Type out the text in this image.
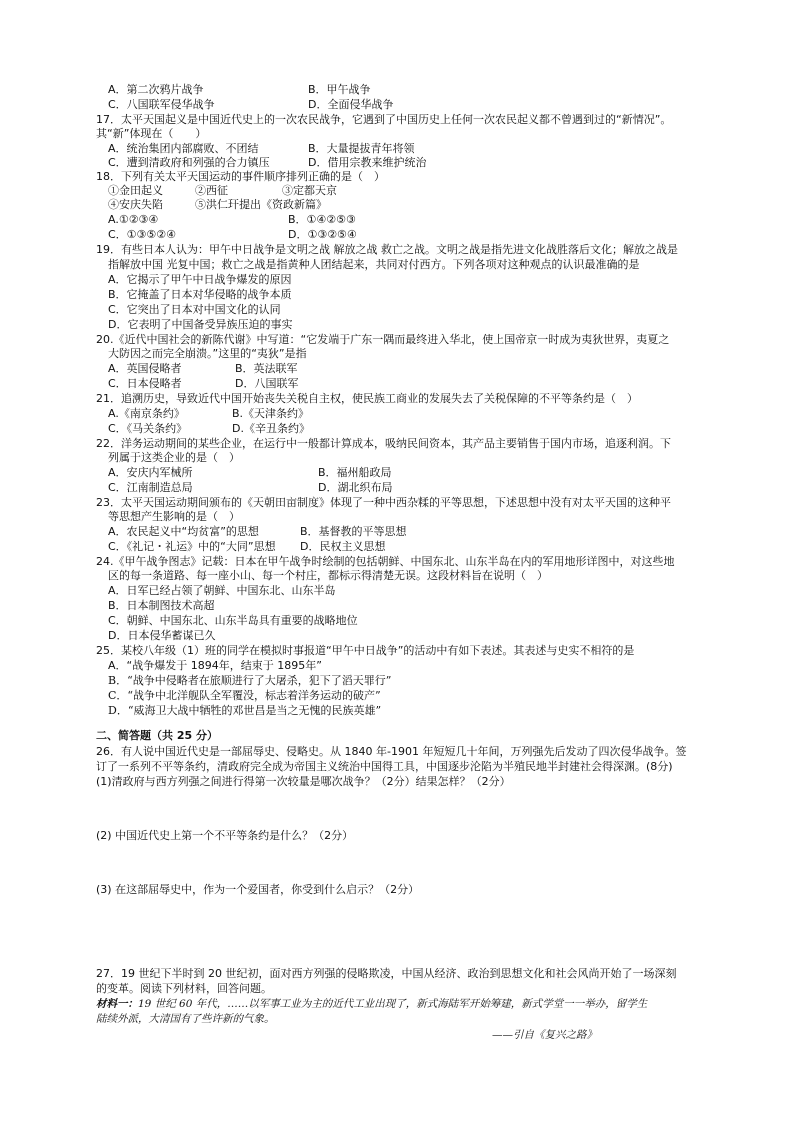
A．第二次鸦片战争	B．甲午战争
C．八国联军侵华战争	D．全面侵华战争
17．太平天国起义是中国近代史上的一次农民战争，它遇到了中国历史上任何一次农民起义都不曾遇到过的“新情况”。
其“新”体现在（　　）
A．统治集团内部腐败、不团结	B．大量提拔青年将领
C．遭到清政府和列强的合力镇压	D．借用宗教来维护统治
18．下列有关太平天国运动的事件顺序排列正确的是（　）
①金田起义	②西征	③定都天京
④安庆失陷	⑤洪仁玕提出《资政新篇》
A.①②③④	B．①④②⑤③
C．①③⑤②④	D．①③②⑤④
19．有些日本人认为：甲午中日战争是文明之战 解放之战 救亡之战。文明之战是指先进文化战胜落后文化；解放之战是
指解放中国 光复中国；救亡之战是指黄种人团结起来，共同对付西方。下列各项对这种观点的认识最准确的是
A．它揭示了甲午中日战争爆发的原因
B．它掩盖了日本对华侵略的战争本质
C．它突出了日本对中国文化的认同
D．它表明了中国备受异族压迫的事实
20.《近代中国社会的新陈代谢》中写道：“它发端于广东一隅而最终进入华北，使上国帝京一时成为夷狄世界，夷夏之
大防因之而完全崩溃。”这里的“夷狄”是指
A．英国侵略者	B．英法联军
C．日本侵略者	D．八国联军
21．追溯历史，导致近代中国开始丧失关税自主权，使民族工商业的发展失去了关税保障的不平等条约是（　）
A.《南京条约》	B.《天津条约》
C．《马关条约》	D.《辛丑条约》
22．洋务运动期间的某些企业，在运行中一般都计算成本，吸纳民间资本，其产品主要销售于国内市场，追逐利润。下
列属于这类企业的是（　）
A．安庆内军械所	B．福州船政局
C．江南制造总局	D．湖北织布局
23．太平天国运动期间颁布的《天朝田亩制度》体现了一种中西杂糅的平等思想，下述思想中没有对太平天国的这种平
等思想产生影响的是（　）
A．农民起义中“均贫富”的思想	B．基督教的平等思想
C．《礼记・礼运》中的“大同”思想 D．民权主义思想
24.《甲午战争图志》记载：日本在甲午战争时绘制的包括朝鲜、中国东北、山东半岛在内的军用地形详图中，对这些地
区的每一条道路、每一座小山、每一个村庄，都标示得清楚无误。这段材料旨在说明（　）
A．日军已经占领了朝鲜、中国东北、山东半岛
B．日本制图技术高超
C．朝鲜、中国东北、山东半岛具有重要的战略地位
D．日本侵华蓄谋已久
25．某校八年级（1）班的同学在模拟时事报道“甲午中日战争”的活动中有如下表述。其表述与史实不相符的是
A．“战争爆发于 1894年，结束于 1895年”
B．“战争中侵略者在旅顺进行了大屠杀，犯下了滔天罪行”
C．“战争中北洋舰队全军覆没，标志着洋务运动的破产”
D．“威海卫大战中牺牲的邓世昌是当之无愧的民族英雄”
二、简答题（共 25 分）
26．有人说中国近代史是一部屈辱史、侵略史。从 1840 年-1901 年短短几十年间，万列强先后发动了四次侵华战争。签
订了一系列不平等条约，清政府完全成为帝国主义统治中国得工具，中国逐步沦陷为半殖民地半封建社会得深渊。(8分)
(1)清政府与西方列强之间进行得第一次较量是哪次战争？（2分）结果怎样？（2分）
(2) 中国近代史上第一个不平等条约是什么？（2分）
(3) 在这部屈辱史中，作为一个爱国者，你受到什么启示？（2分）
27．19 世纪下半时到 20 世纪初，面对西方列强的侵略欺凌，中国从经济、政治到思想文化和社会风尚开始了一场深刻
的变革。阅读下列材料，回答问题。
材料一：19 世纪 60 年代，……以军事工业为主的近代工业出现了，新式海陆军开始筹建，新式学堂一一举办，留学生
陆续外派，大清国有了些许新的气象。
——引自《复兴之路》
